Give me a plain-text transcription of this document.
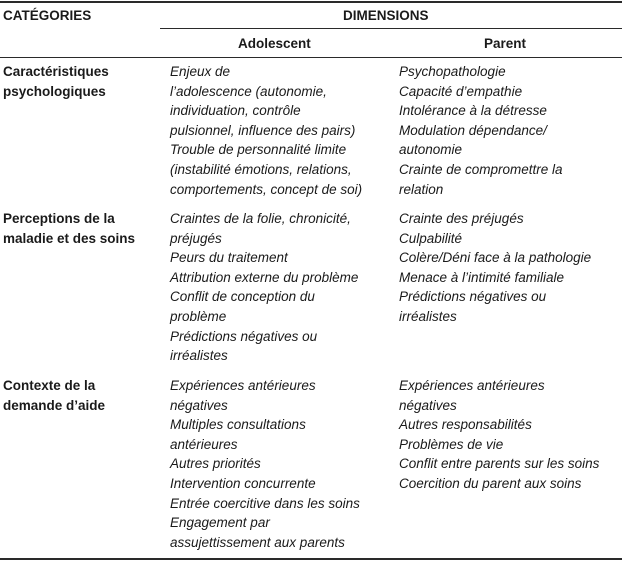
CATÉGORIES	DIMENSIONS
Adolescent	Parent
Caractéristiques
psychologiques
Enjeux de
l’adolescence (autonomie,
individuation, contrôle
pulsionnel, influence des pairs)
Trouble de personnalité limite
(instabilité émotions, relations,
comportements, concept de soi)
Psychopathologie
Capacité d’empathie
Intolérance à la détresse
Modulation dépendance/
autonomie
Crainte de compromettre la
relation
Perceptions de la
maladie et des soins
Craintes de la folie, chronicité,
préjugés
Peurs du traitement
Attribution externe du problème
Conflit de conception du
problème
Prédictions négatives ou
irréalistes
Crainte des préjugés
Culpabilité
Colère/Déni face à la pathologie
Menace à l’intimité familiale
Prédictions négatives ou
irréalistes
Contexte de la
demande d’aide
Expériences antérieures
négatives
Multiples consultations
antérieures
Autres priorités
Intervention concurrente
Entrée coercitive dans les soins
Engagement par
assujettissement aux parents
Expériences antérieures
négatives
Autres responsabilités
Problèmes de vie
Conflit entre parents sur les soins
Coercition du parent aux soins
